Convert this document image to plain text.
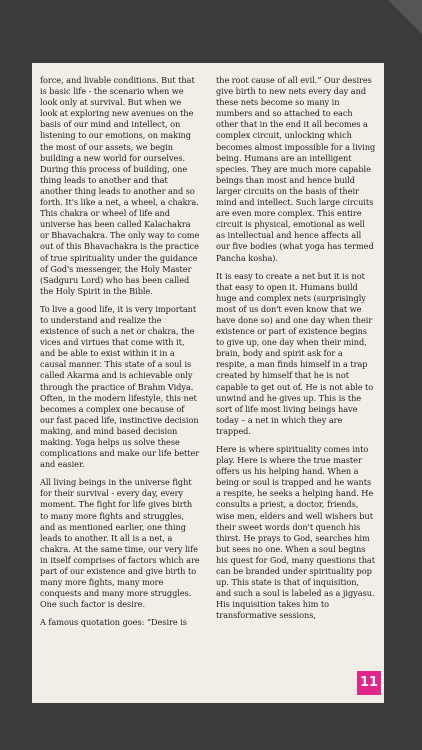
force, and livable conditions. But that is basic life - the scenario when we look only at survival. But when we look at exploring new avenues on the basis of our mind and intellect, on listening to our emotions, on making the most of our assets, we begin building a new world for ourselves. During this process of building, one thing leads to another and that another thing leads to another and so forth. It's like a net, a wheel, a chakra. This chakra or wheel of life and universe has been called Kalachakra or Bhavachakra. The only way to come out of this Bhavachakra is the practice of true spirituality under the guidance of God's messenger, the Holy Master (Sadguru Lord) who has been called the Holy Spirit in the Bible.

To live a good life, it is very important to understand and realize the existence of such a net or chakra, the vices and virtues that come with it, and be able to exist within it in a causal manner. This state of a soul is called Akarma and is achievable only through the practice of Brahm Vidya. Often, in the modern lifestyle, this net becomes a complex one because of our fast paced life, instinctive decision making, and mind based decision making. Yoga helps us solve these complications and make our life better and easier.

All living beings in the universe fight for their survival - every day, every moment. The fight for life gives birth to many more fights and struggles, and as mentioned earlier, one thing leads to another. It all is a net, a chakra. At the same time, our very life in itself comprises of factors which are part of our existence and give birth to many more fights, many more conquests and many more struggles. One such factor is desire.

A famous quotation goes: “Desire is

the root cause of all evil.” Our desires give birth to new nets every day and these nets become so many in numbers and so attached to each other that in the end it all becomes a complex circuit, unlocking which becomes almost impossible for a living being. Humans are an intelligent species. They are much more capable beings than most and hence build larger circuits on the basis of their mind and intellect. Such large circuits are even more complex. This entire circuit is physical, emotional as well as intellectual and hence affects all our five bodies (what yoga has termed Pancha kosha).

It is easy to create a net but it is not that easy to open it. Humans build huge and complex nets (surprisingly most of us don't even know that we have done so) and one day when their existence or part of existence begins to give up, one day when their mind, brain, body and spirit ask for a respite, a man finds himself in a trap created by himself that he is not capable to get out of. He is not able to unwind and he gives up. This is the sort of life most living beings have today – a net in which they are trapped.

Here is where spirituality comes into play. Here is where the true master offers us his helping hand. When a being or soul is trapped and he wants a respite, he seeks a helping hand. He consults a priest, a doctor, friends, wise men, elders and well wishers but their sweet words don't quench his thirst. He prays to God, searches him but sees no one. When a soul begins his quest for God, many questions that can be branded under spirituality pop up. This state is that of inquisition, and such a soul is labeled as a jigyasu. His inquisition takes him to transformative sessions,

11
